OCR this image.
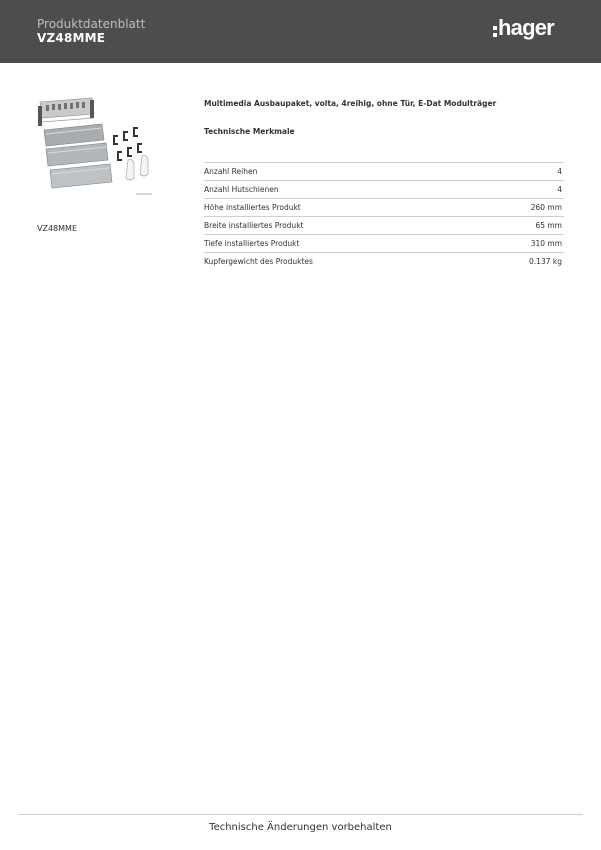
Produktdatenblatt
VZ48MME	hager
VZ48MME
Multimedia Ausbaupaket, volta, 4reihig, ohne Tür, E-Dat Modulträger
Technische Merkmale
Anzahl Reihen	4
Anzahl Hutschienen	4
Höhe installiertes Produkt	260 mm
Breite installiertes Produkt	65 mm
Tiefe installiertes Produkt	310 mm
Kupfergewicht des Produktes	0.137 kg
Technische Änderungen vorbehalten
